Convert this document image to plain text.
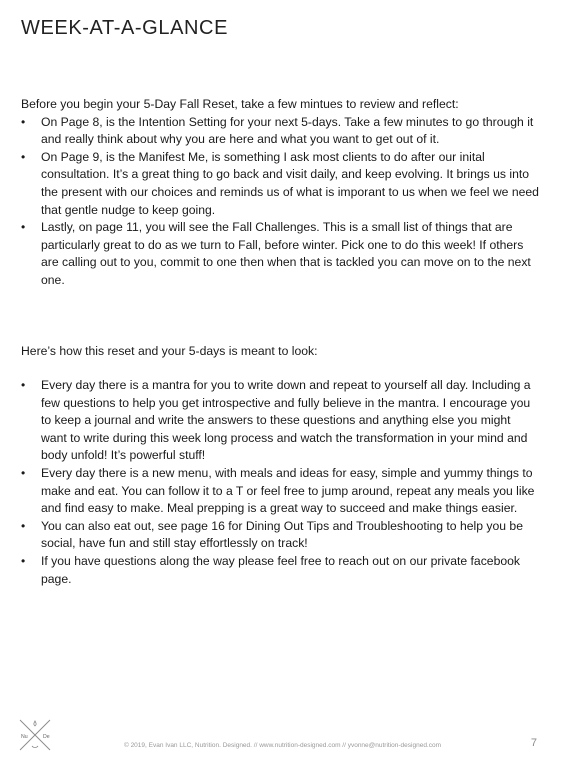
WEEK-AT-A-GLANCE
Before you begin your 5-Day Fall Reset, take a few mintues to review and reflect:
• On Page 8, is the Intention Setting for your next 5-days. Take a few minutes to go through it and really think about why you are here and what you want to get out of it.
• On Page 9, is the Manifest Me, is something I ask most clients to do after our inital consultation. It’s a great thing to go back and visit daily, and keep evolving. It brings us into the present with our choices and reminds us of what is imporant to us when we feel we need that gentle nudge to keep going.
• Lastly, on page 11, you will see the Fall Challenges. This is a small list of things that are particularly great to do as we turn to Fall, before winter. Pick one to do this week! If others are calling out to you, commit to one then when that is tackled you can move on to the next one.
Here’s how this reset and your 5-days is meant to look:
• Every day there is a mantra for you to write down and repeat to yourself all day. Including a few questions to help you get introspective and fully believe in the mantra. I encourage you to keep a journal and write the answers to these questions and anything else you might want to write during this week long process and watch the transformation in your mind and body unfold! It’s powerful stuff!
• Every day there is a new menu, with meals and ideas for easy, simple and yummy things to make and eat. You can follow it to a T or feel free to jump around, repeat any meals you like and find easy to make. Meal prepping is a great way to succeed and make things easier.
• You can also eat out, see page 16 for Dining Out Tips and Troubleshooting to help you be social, have fun and still stay effortlessly on track!
• If you have questions along the way please feel free to reach out on our private facebook page.
Nu	De
© 2019, Evan Ivan LLC, Nutrition. Designed. // www.nutrition-designed.com // yvonne@nutrition-designed.com	7
